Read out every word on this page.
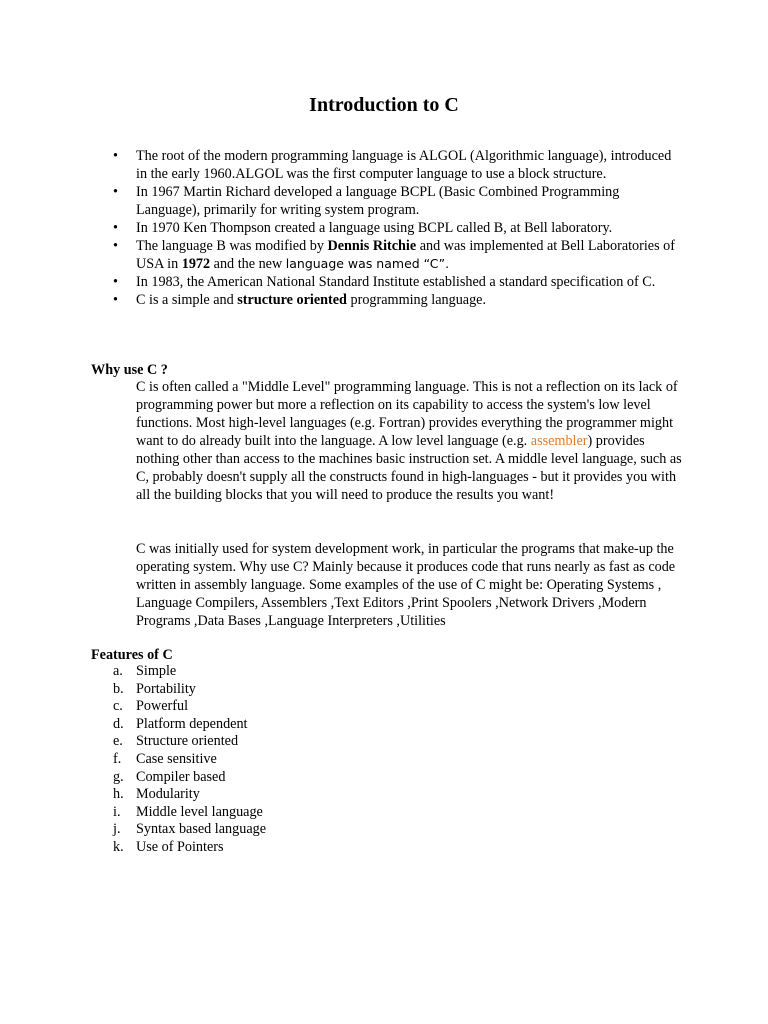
Introduction to C
• The root of the modern programming language is ALGOL (Algorithmic language), introduced in the early 1960.ALGOL was the first computer language to use a block structure.
• In 1967 Martin Richard developed a language BCPL (Basic Combined Programming Language), primarily for writing system program.
• In 1970 Ken Thompson created a language using BCPL called B, at Bell laboratory.
• The language B was modified by Dennis Ritchie and was implemented at Bell Laboratories of USA in 1972 and the new language was named “C”.
• In 1983, the American National Standard Institute established a standard specification of C.
• C is a simple and structure oriented programming language.
Why use C ?

C is often called a "Middle Level" programming language. This is not a reflection on its lack of programming power but more a reflection on its capability to access the system's low level functions. Most high-level languages (e.g. Fortran) provides everything the programmer might want to do already built into the language. A low level language (e.g. assembler) provides nothing other than access to the machines basic instruction set. A middle level language, such as C, probably doesn't supply all the constructs found in high-languages - but it provides you with all the building blocks that you will need to produce the results you want!

C was initially used for system development work, in particular the programs that make-up the operating system. Why use C? Mainly because it produces code that runs nearly as fast as code written in assembly language. Some examples of the use of C might be: Operating Systems , Language Compilers, Assemblers ,Text Editors ,Print Spoolers ,Network Drivers ,Modern Programs ,Data Bases ,Language Interpreters ,Utilities

Features of C
a. Simple
b. Portability
c. Powerful
d. Platform dependent
e. Structure oriented
f. Case sensitive
g. Compiler based
h. Modularity
i. Middle level language
j. Syntax based language
k. Use of Pointers
